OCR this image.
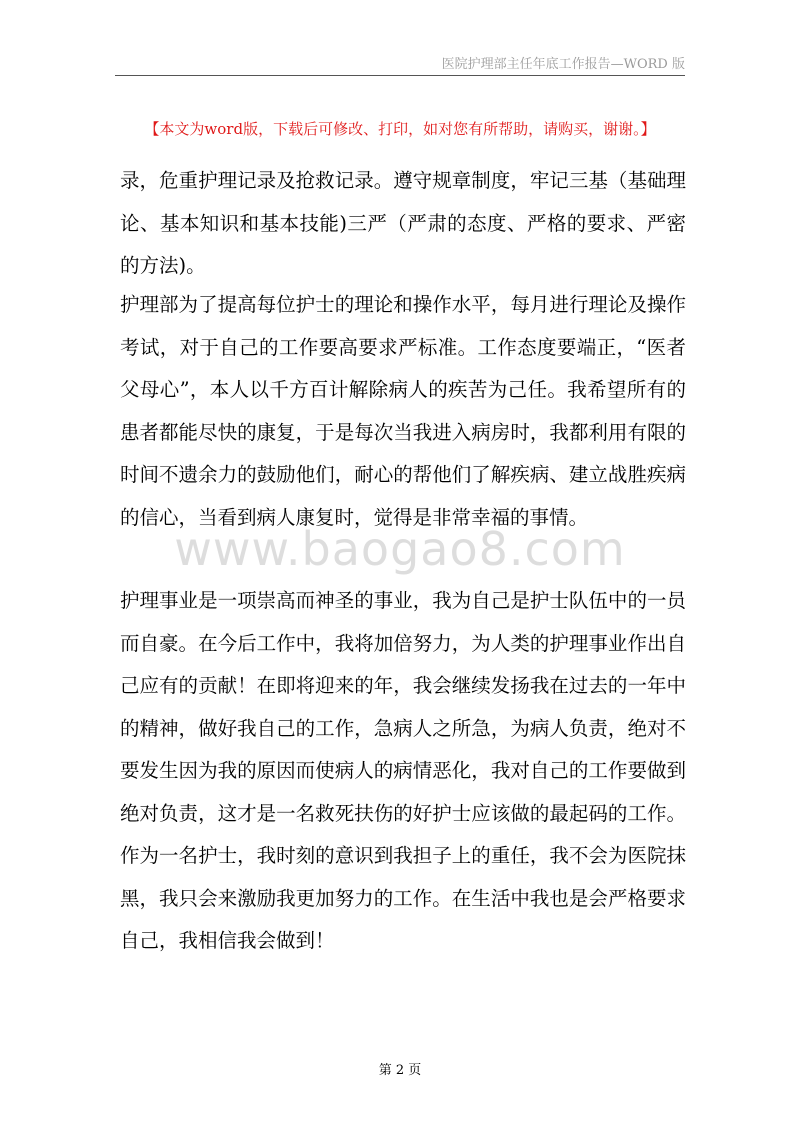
医院护理部主任年底工作报告—WORD 版
【本文为word版，下载后可修改、打印，如对您有所帮助，请购买，谢谢。】
录，危重护理记录及抢救记录。遵守规章制度，牢记三基（基础理论、基本知识和基本技能)三严（严肃的态度、严格的要求、严密的方法)。
护理部为了提高每位护士的理论和操作水平，每月进行理论及操作考试，对于自己的工作要高要求严标准。工作态度要端正，“医者父母心”，本人以千方百计解除病人的疾苦为己任。我希望所有的患者都能尽快的康复，于是每次当我进入病房时，我都利用有限的时间不遗余力的鼓励他们，耐心的帮他们了解疾病、建立战胜疾病的信心，当看到病人康复时，觉得是非常幸福的事情。
www.baogao8.com
护理事业是一项崇高而神圣的事业，我为自己是护士队伍中的一员而自豪。在今后工作中，我将加倍努力，为人类的护理事业作出自己应有的贡献！在即将迎来的年，我会继续发扬我在过去的一年中的精神，做好我自己的工作，急病人之所急，为病人负责，绝对不要发生因为我的原因而使病人的病情恶化，我对自己的工作要做到绝对负责，这才是一名救死扶伤的好护士应该做的最起码的工作。作为一名护士，我时刻的意识到我担子上的重任，我不会为医院抹黑，我只会来激励我更加努力的工作。在生活中我也是会严格要求自己，我相信我会做到！
第 2 页
